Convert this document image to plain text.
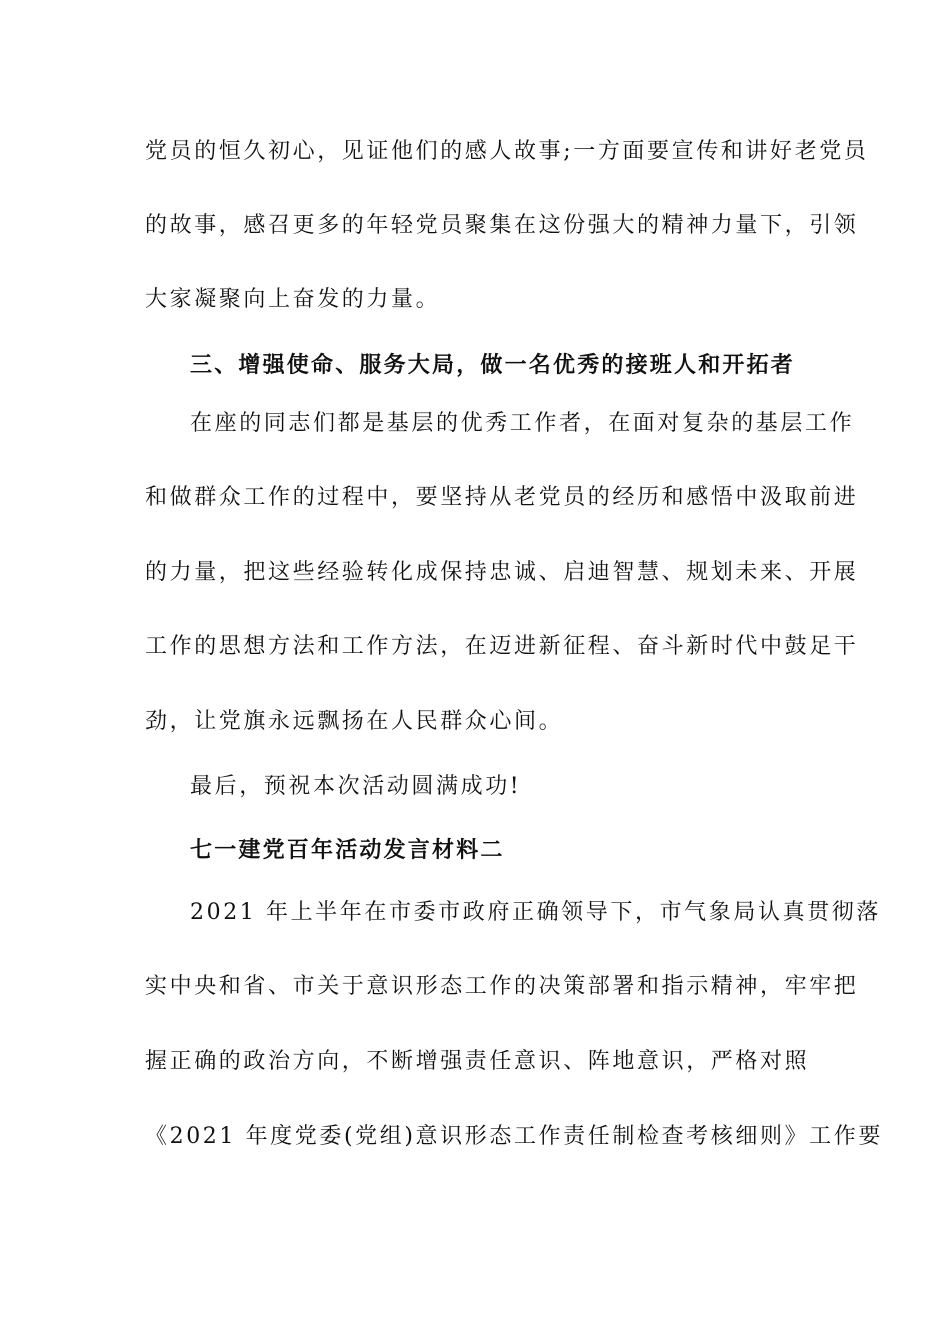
党员的恒久初心，见证他们的感人故事;一方面要宣传和讲好老党员
的故事，感召更多的年轻党员聚集在这份强大的精神力量下，引领
大家凝聚向上奋发的力量。
三、增强使命、服务大局，做一名优秀的接班人和开拓者
在座的同志们都是基层的优秀工作者，在面对复杂的基层工作
和做群众工作的过程中，要坚持从老党员的经历和感悟中汲取前进
的力量，把这些经验转化成保持忠诚、启迪智慧、规划未来、开展
工作的思想方法和工作方法，在迈进新征程、奋斗新时代中鼓足干
劲，让党旗永远飘扬在人民群众心间。
最后，预祝本次活动圆满成功!
七一建党百年活动发言材料二
2021 年上半年在市委市政府正确领导下，市气象局认真贯彻落
实中央和省、市关于意识形态工作的决策部署和指示精神，牢牢把
握正确的政治方向，不断增强责任意识、阵地意识，严格对照
《2021 年度党委(党组)意识形态工作责任制检查考核细则》工作要
